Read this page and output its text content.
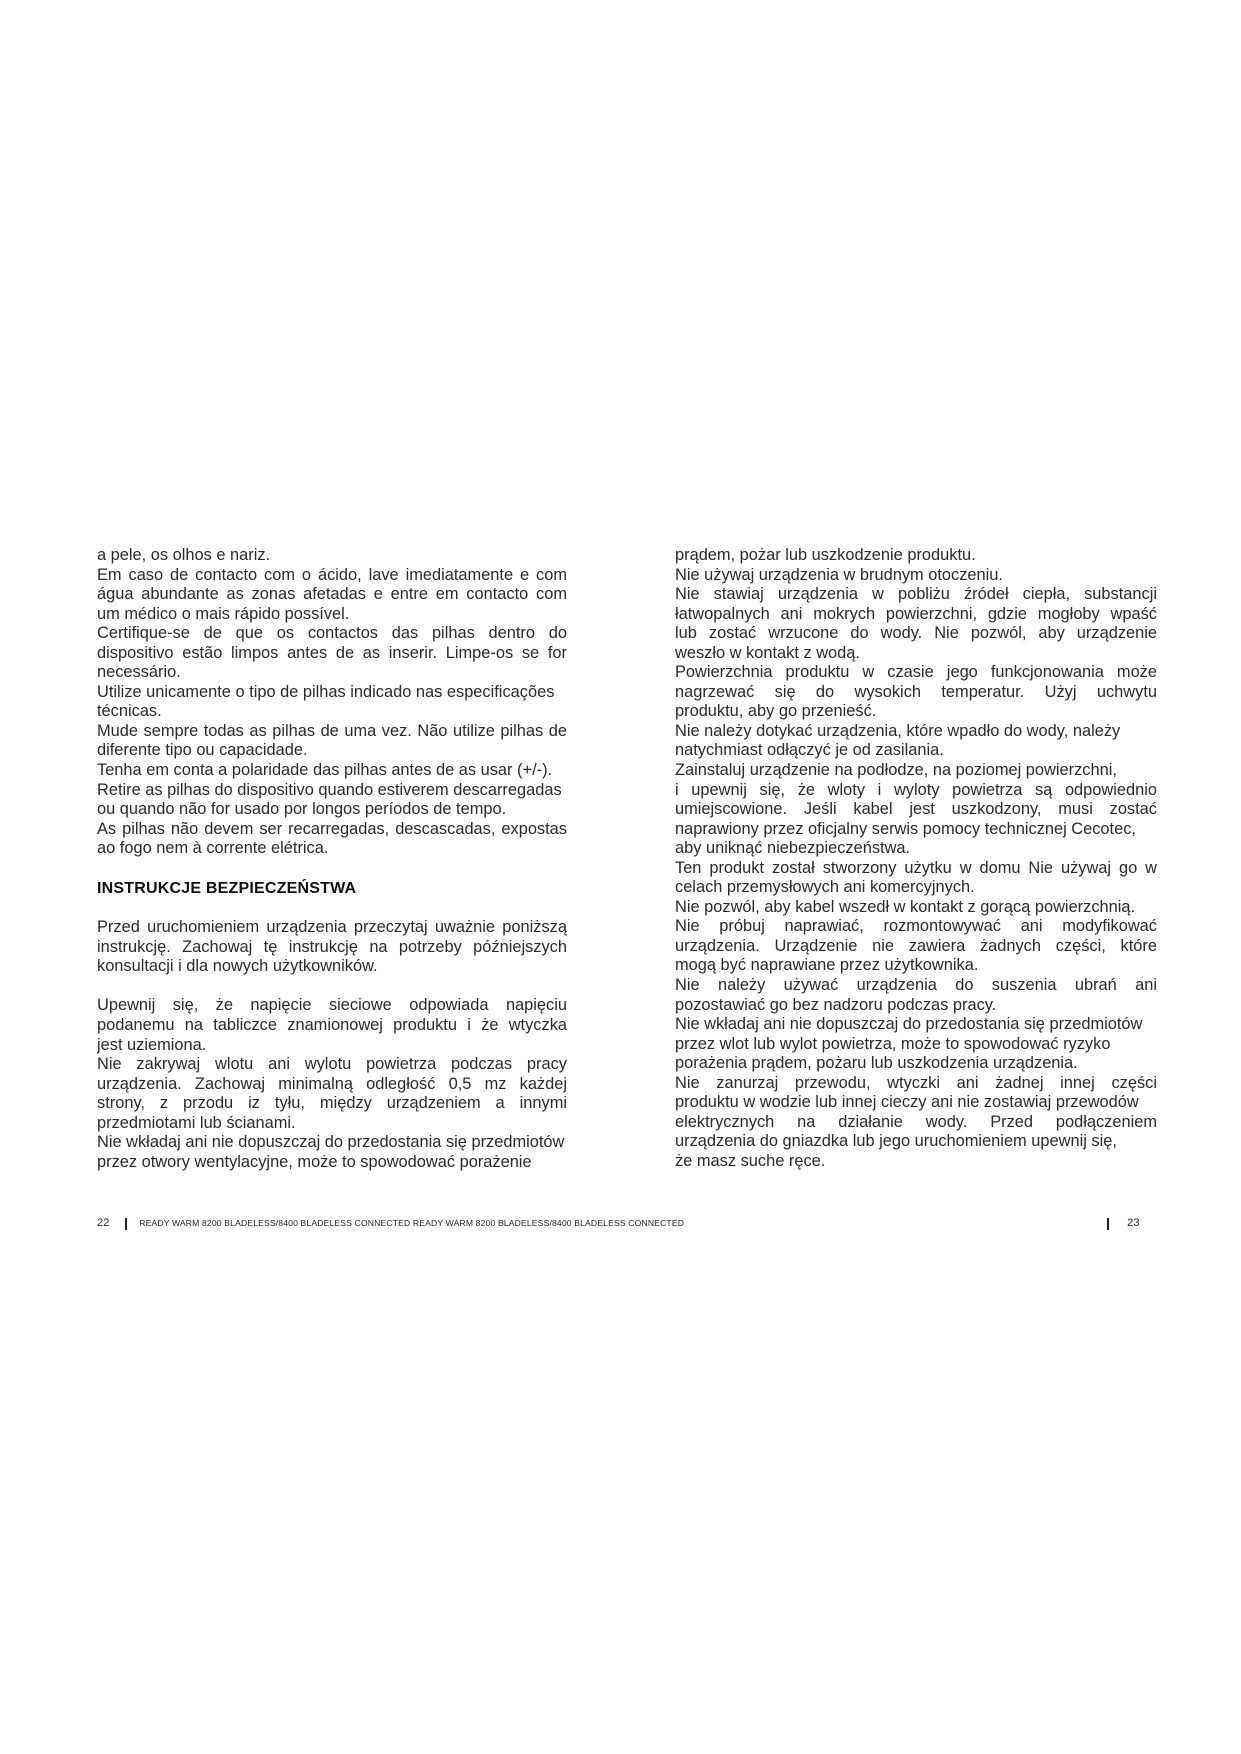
a pele, os olhos e nariz.
Em caso de contacto com o ácido, lave imediatamente e com
água abundante as zonas afetadas e entre em contacto com
um médico o mais rápido possível.
Certifique-se de que os contactos das pilhas dentro do
dispositivo estão limpos antes de as inserir. Limpe-os se for
necessário.
Utilize unicamente o tipo de pilhas indicado nas especificações
técnicas.
Mude sempre todas as pilhas de uma vez. Não utilize pilhas de
diferente tipo ou capacidade.
Tenha em conta a polaridade das pilhas antes de as usar (+/-).
Retire as pilhas do dispositivo quando estiverem descarregadas
ou quando não for usado por longos períodos de tempo.
As pilhas não devem ser recarregadas, descascadas, expostas
ao fogo nem à corrente elétrica.
INSTRUKCJE BEZPIECZEŃSTWA
Przed uruchomieniem urządzenia przeczytaj uważnie poniższą
instrukcję. Zachowaj tę instrukcję na potrzeby późniejszych
konsultacji i dla nowych użytkowników.
Upewnij się, że napięcie sieciowe odpowiada napięciu
podanemu na tabliczce znamionowej produktu i że wtyczka
jest uziemiona.
Nie zakrywaj wlotu ani wylotu powietrza podczas pracy
urządzenia. Zachowaj minimalną odległość 0,5 mz każdej
strony, z przodu iz tyłu, między urządzeniem a innymi
przedmiotami lub ścianami.
Nie wkładaj ani nie dopuszczaj do przedostania się przedmiotów
przez otwory wentylacyjne, może to spowodować porażenie
prądem, pożar lub uszkodzenie produktu.
Nie używaj urządzenia w brudnym otoczeniu.
Nie stawiaj urządzenia w pobliżu źródeł ciepła, substancji
łatwopalnych ani mokrych powierzchni, gdzie mogłoby wpaść
lub zostać wrzucone do wody. Nie pozwól, aby urządzenie
weszło w kontakt z wodą.
Powierzchnia produktu w czasie jego funkcjonowania może
nagrzewać się do wysokich temperatur. Użyj uchwytu
produktu, aby go przenieść.
Nie należy dotykać urządzenia, które wpadło do wody, należy
natychmiast odłączyć je od zasilania.
Zainstaluj urządzenie na podłodze, na poziomej powierzchni,
i upewnij się, że wloty i wyloty powietrza są odpowiednio
umiejscowione. Jeśli kabel jest uszkodzony, musi zostać
naprawiony przez oficjalny serwis pomocy technicznej Cecotec,
aby uniknąć niebezpieczeństwa.
Ten produkt został stworzony użytku w domu Nie używaj go w
celach przemysłowych ani komercyjnych.
Nie pozwól, aby kabel wszedł w kontakt z gorącą powierzchnią.
Nie próbuj naprawiać, rozmontowywać ani modyfikować
urządzenia. Urządzenie nie zawiera żadnych części, które
mogą być naprawiane przez użytkownika.
Nie należy używać urządzenia do suszenia ubrań ani
pozostawiać go bez nadzoru podczas pracy.
Nie wkładaj ani nie dopuszczaj do przedostania się przedmiotów
przez wlot lub wylot powietrza, może to spowodować ryzyko
porażenia prądem, pożaru lub uszkodzenia urządzenia.
Nie zanurzaj przewodu, wtyczki ani żadnej innej części
produktu w wodzie lub innej cieczy ani nie zostawiaj przewodów
elektrycznych na działanie wody. Przed podłączeniem
urządzenia do gniazdka lub jego uruchomieniem upewnij się,
że masz suche ręce.
22	READY WARM 8200 BLADELESS/8400 BLADELESS CONNECTED READY WARM 8200 BLADELESS/8400 BLADELESS CONNECTED	23
